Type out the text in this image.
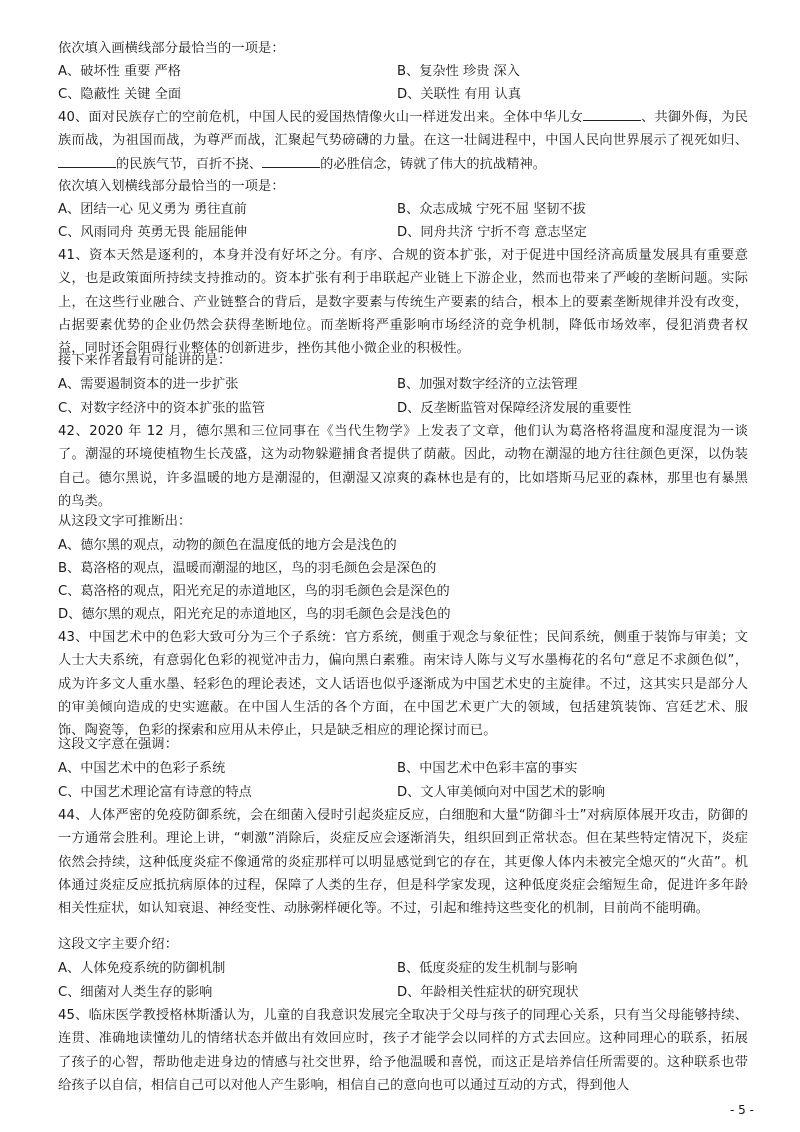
依次填入画横线部分最恰当的一项是：
A、破坏性 重要 严格	B、复杂性 珍贵 深入
C、隐蔽性 关键 全面	D、关联性 有用 认真
40、面对民族存亡的空前危机，中国人民的爱国热情像火山一样迸发出来。全体中华儿女	、共御外侮，为民族而战，为祖国而战，为尊严而战，汇聚起气势磅礴的力量。在这一壮阔进程中，中国人民向世界展示了视死如归、的民族气节，百折不挠、	的必胜信念，铸就了伟大的抗战精神。
依次填入划横线部分最恰当的一项是：
A、团结一心 见义勇为 勇往直前	B、众志成城 宁死不屈 坚韧不拔
C、风雨同舟 英勇无畏 能屈能伸	D、同舟共济 宁折不弯 意志坚定
41、资本天然是逐利的，本身并没有好坏之分。有序、合规的资本扩张，对于促进中国经济高质量发展具有重要意义，也是政策面所持续支持推动的。资本扩张有利于串联起产业链上下游企业，然而也带来了严峻的垄断问题。实际上，在这些行业融合、产业链整合的背后，是数字要素与传统生产要素的结合，根本上的要素垄断规律并没有改变，占据要素优势的企业仍然会获得垄断地位。而垄断将严重影响市场经济的竞争机制，降低市场效率，侵犯消费者权益，同时还会阻碍行业整体的创新进步，挫伤其他小微企业的积极性。
接下来作者最有可能讲的是：
A、需要遏制资本的进一步扩张	B、加强对数字经济的立法管理
C、对数字经济中的资本扩张的监管	D、反垄断监管对保障经济发展的重要性
42、2020 年 12 月，德尔黑和三位同事在《当代生物学》上发表了文章，他们认为葛洛格将温度和湿度混为一谈了。潮湿的环境使植物生长茂盛，这为动物躲避捕食者提供了荫蔽。因此，动物在潮湿的地方往往颜色更深，以伪装自己。德尔黑说，许多温暖的地方是潮湿的，但潮湿又凉爽的森林也是有的，比如塔斯马尼亚的森林，那里也有暴黑的鸟类。
从这段文字可推断出：
A、德尔黑的观点，动物的颜色在温度低的地方会是浅色的
B、葛洛格的观点，温暖而潮湿的地区，鸟的羽毛颜色会是深色的
C、葛洛格的观点，阳光充足的赤道地区，鸟的羽毛颜色会是深色的
D、德尔黑的观点，阳光充足的赤道地区，鸟的羽毛颜色会是浅色的
43、中国艺术中的色彩大致可分为三个子系统：官方系统，侧重于观念与象征性；民间系统，侧重于装饰与审美；文人士大夫系统，有意弱化色彩的视觉冲击力，偏向黑白素雅。南宋诗人陈与义写水墨梅花的名句“意足不求颜色似”，成为许多文人重水墨、轻彩色的理论表述，文人话语也似乎逐渐成为中国艺术史的主旋律。不过，这其实只是部分人的审美倾向造成的史实遮蔽。在中国人生活的各个方面，在中国艺术更广大的领域，包括建筑装饰、宫廷艺术、服饰、陶瓷等，色彩的探索和应用从未停止，只是缺乏相应的理论探讨而已。
这段文字意在强调：
A、中国艺术中的色彩子系统	B、中国艺术中色彩丰富的事实
C、中国艺术理论富有诗意的特点	D、文人审美倾向对中国艺术的影响
44、人体严密的免疫防御系统，会在细菌入侵时引起炎症反应，白细胞和大量“防御斗士”对病原体展开攻击，防御的一方通常会胜利。理论上讲，“刺激”消除后，炎症反应会逐渐消失，组织回到正常状态。但在某些特定情况下，炎症依然会持续，这种低度炎症不像通常的炎症那样可以明显感觉到它的存在，其更像人体内未被完全熄灭的“火苗”。机体通过炎症反应抵抗病原体的过程，保障了人类的生存，但是科学家发现，这种低度炎症会缩短生命，促进许多年龄相关性症状，如认知衰退、神经变性、动脉粥样硬化等。不过，引起和维持这些变化的机制，目前尚不能明确。
这段文字主要介绍：
A、人体免疫系统的防御机制	B、低度炎症的发生机制与影响
C、细菌对人类生存的影响	D、年龄相关性症状的研究现状
45、临床医学教授格林斯潘认为，儿童的自我意识发展完全取决于父母与孩子的同理心关系，只有当父母能够持续、连贯、准确地读懂幼儿的情绪状态并做出有效回应时，孩子才能学会以同样的方式去回应。这种同理心的联系，拓展了孩子的心智，帮助他走进身边的情感与社交世界，给予他温暖和喜悦，而这正是培养信任所需要的。这种联系也带给孩子以自信，相信自己可以对他人产生影响，相信自己的意向也可以通过互动的方式，得到他人
- 5 -
